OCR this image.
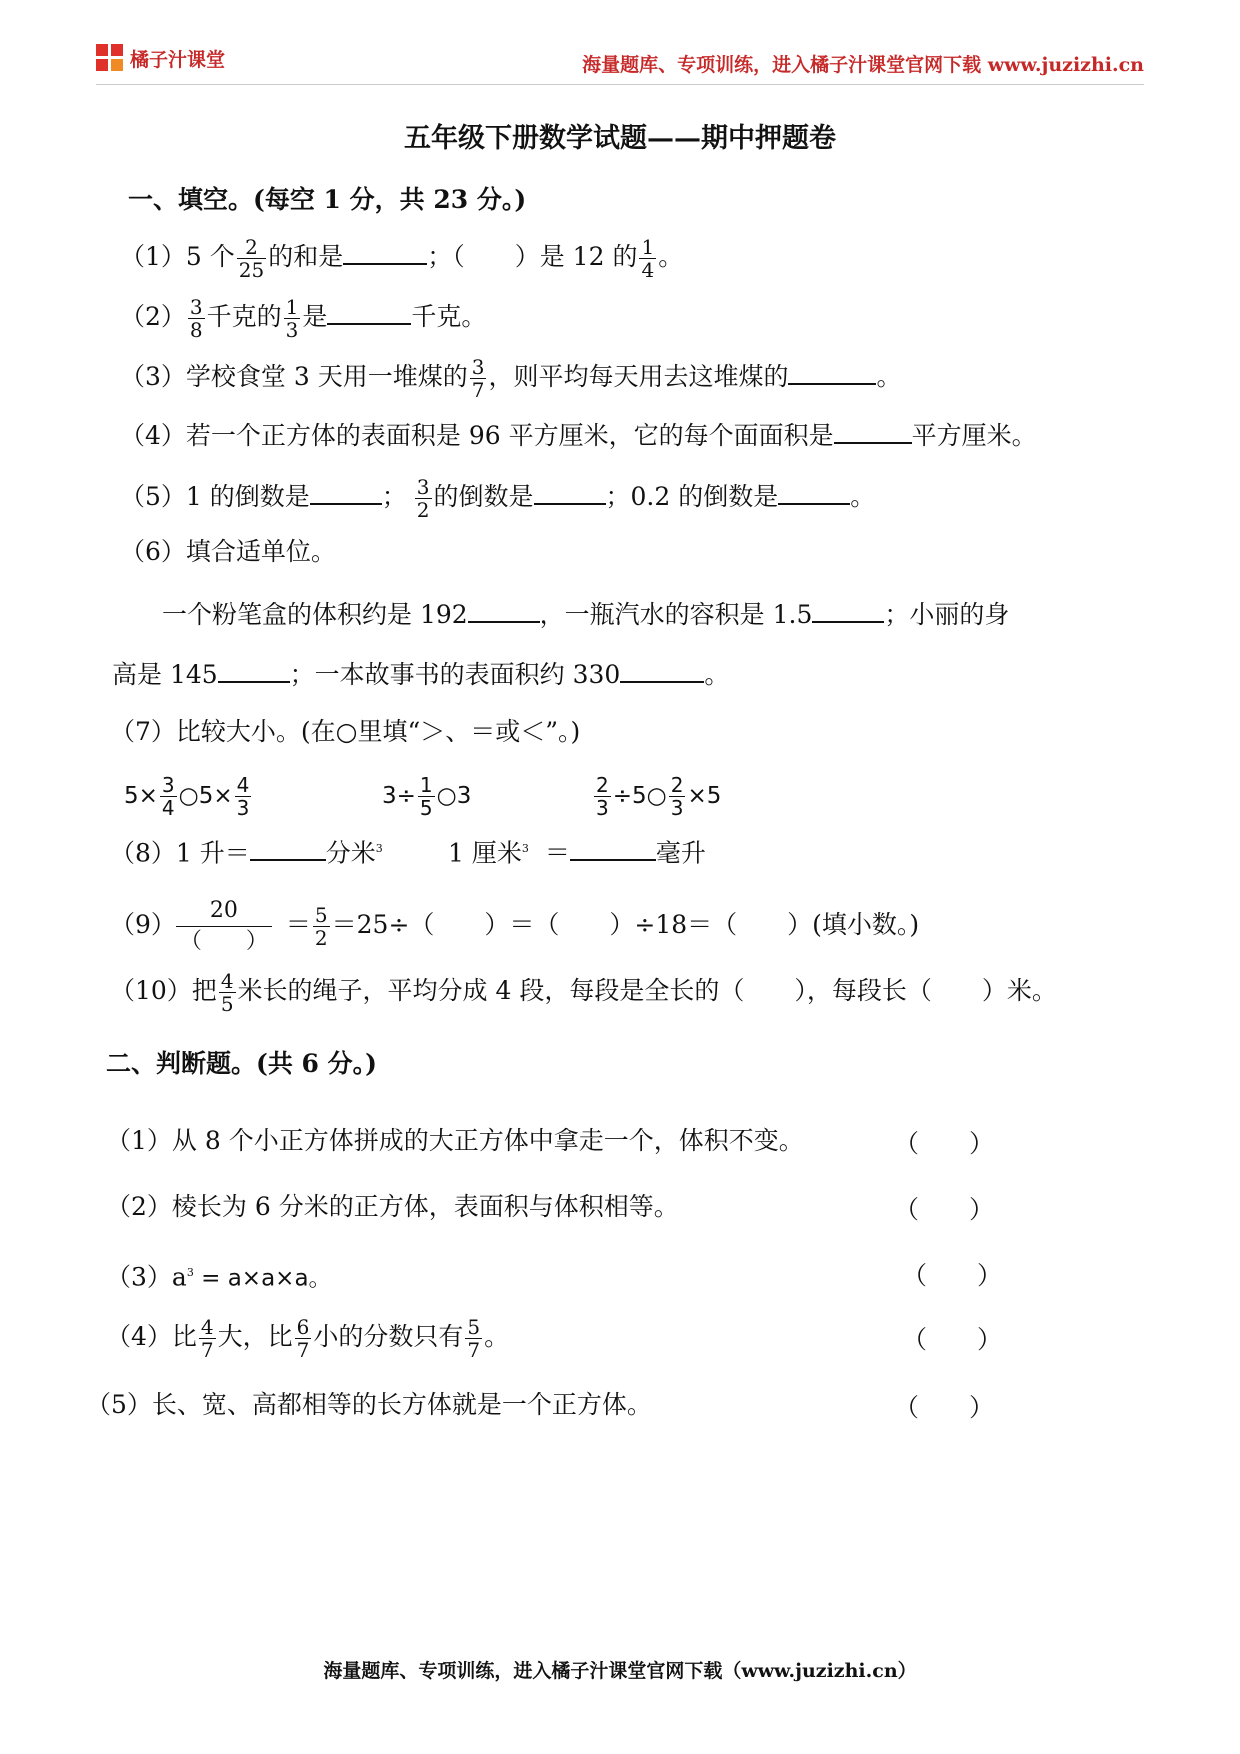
橘子汁课堂	海量题库、专项训练，进入橘子汁课堂官网下载 www.juzizhi.cn
五年级下册数学试题——期中押题卷
一、填空。(每空 1 分，共 23 分。)
（1）5 个 $\frac{2}{25}$ 的和是	；（　　）是 12 的 $\frac{1}{4}$ 。
$(2) \frac{3}{8}$ 千克的 $\frac{1}{3}$ 是	千克。
（3）学校食堂 3 天用一堆煤的 $\frac{3}{7}$ ，则平均每天用去这堆煤的	。
（4）若一个正方体的表面积是 96 平方厘米，它的每个面面积是	平方厘米。
（5）1 的倒数是	； $\frac{3}{2}$ 的倒数是	；0.2 的倒数是	。
（6）填合适单位。
一个粉笔盒的体积约是 192	，一瓶汽水的容积是 1.5	；小丽的身
高是 145	；一本故事书的表面积约 330	。
（7）比较大小。(在○里填“＞、＝或＜”。)
$5\times \frac{3}{4}$ ○5× $\frac{4}{3}$	$3\div \frac{1}{5}$ ○3	$\frac{2}{3}$ ÷5○ $\frac{2}{3} \times 5$
（8）1 升＝	分米$^3$	1 厘米$^3$ ＝	毫升
（9）	20
（　　）
＝ $\frac{5}{2} =25\div$（　　）＝（　　）÷18＝（　　）(填小数。)
（10）把 $\frac{4}{5}$ 米长的绳子，平均分成 4 段，每段是全长的（　　），每段长（　　）米。
二、判断题。(共 6 分。)
（1）从 8 个小正方体拼成的大正方体中拿走一个，体积不变。	（　　）
（2）棱长为 6 分米的正方体，表面积与体积相等。	（　　）
$(3)a^3 = a\times a\times a$。	（　　）
（4）比 $\frac{4}{7}$ 大，比 $\frac{6}{7}$ 小的分数只有 $\frac{5}{7}$ 。	（　　）
（5）长、宽、高都相等的长方体就是一个正方体。	（　　）
海量题库、专项训练，进入橘子汁课堂官网下载（www.juzizhi.cn）
